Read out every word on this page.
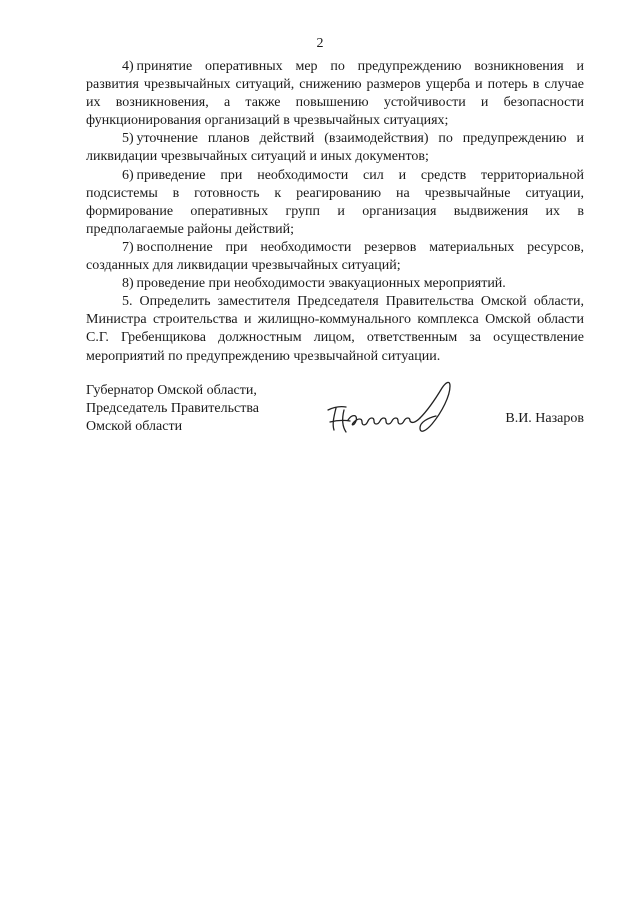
2

4) принятие оперативных мер по предупреждению возникновения и развития чрезвычайных ситуаций, снижению размеров ущерба и потерь в случае их возникновения, а также повышению устойчивости и безопасности функционирования организаций в чрезвычайных ситуациях;

5) уточнение планов действий (взаимодействия) по предупреждению и ликвидации чрезвычайных ситуаций и иных документов;

6) приведение при необходимости сил и средств территориальной подсистемы в готовность к реагированию на чрезвычайные ситуации, формирование оперативных групп и организация выдвижения их в предполагаемые районы действий;

7) восполнение при необходимости резервов материальных ресурсов, созданных для ликвидации чрезвычайных ситуаций;

8) проведение при необходимости эвакуационных мероприятий.

5. Определить заместителя Председателя Правительства Омской области, Министра строительства и жилищно-коммунального комплекса Омской области С.Г. Гребенщикова должностным лицом, ответственным за осуществление мероприятий по предупреждению чрезвычайной ситуации.

Губернатор Омской области,
Председатель Правительства
Омской области
В.И. Назаров
